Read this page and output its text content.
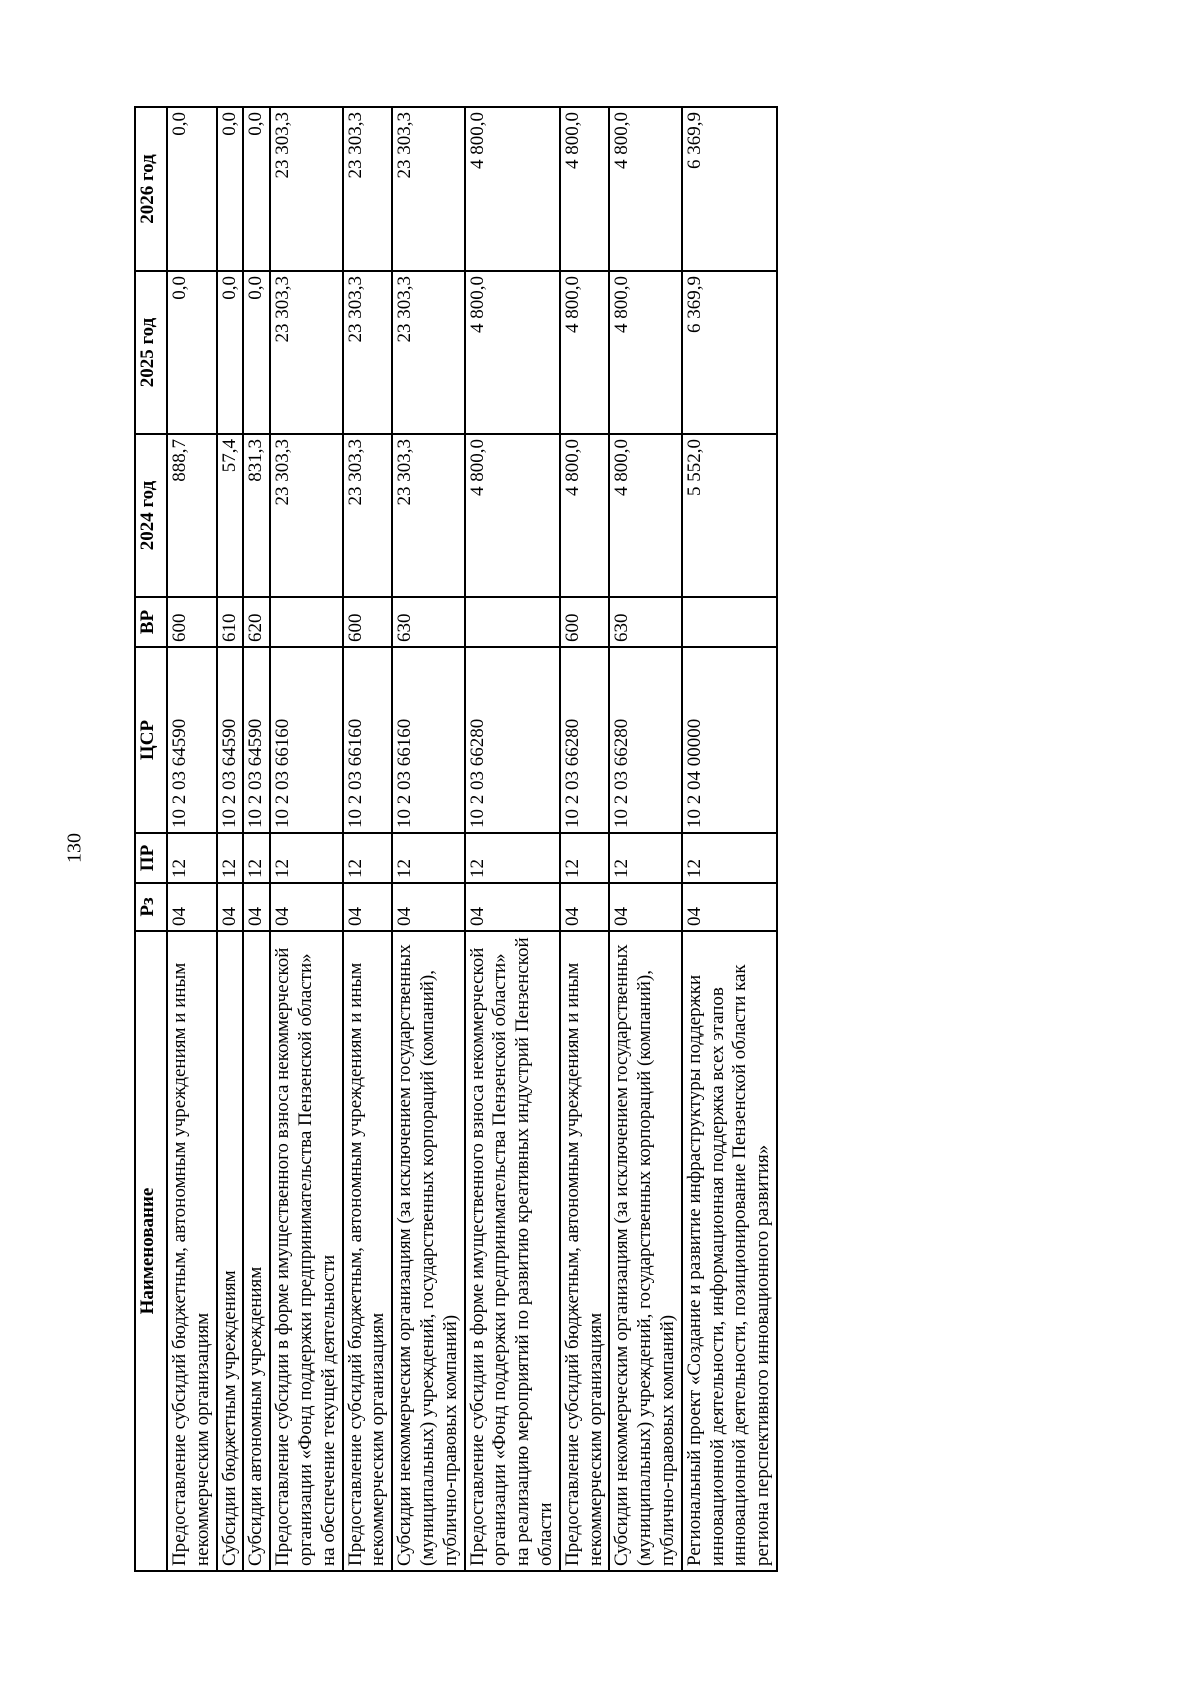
130
Наименование	Рз	ПР	ЦСР	ВР	2024 год	2025 год	2026 год
Предоставление субсидий бюджетным, автономным учреждениям и иным некоммерческим организациям	04	12	10 2 03 64590	600	888,7	0,0	0,0
Субсидии бюджетным учреждениям	04	12	10 2 03 64590	610	57,4	0,0	0,0
Субсидии автономным учреждениям	04	12	10 2 03 64590	620	831,3	0,0	0,0
Предоставление субсидии в форме имущественного взноса некоммерческой организации «Фонд поддержки предпринимательства Пензенской области» на обеспечение текущей деятельности	04	12	10 2 03 66160		23 303,3	23 303,3	23 303,3
Предоставление субсидий бюджетным, автономным учреждениям и иным некоммерческим организациям	04	12	10 2 03 66160	600	23 303,3	23 303,3	23 303,3
Субсидии некоммерческим организациям (за исключением государственных (муниципальных) учреждений, государственных корпораций (компаний), публично-правовых компаний)	04	12	10 2 03 66160	630	23 303,3	23 303,3	23 303,3
Предоставление субсидии в форме имущественного взноса некоммерческой организации «Фонд поддержки предпринимательства Пензенской области» на реализацию мероприятий по развитию креативных индустрий Пензенской области	04	12	10 2 03 66280		4 800,0	4 800,0	4 800,0
Предоставление субсидий бюджетным, автономным учреждениям и иным некоммерческим организациям	04	12	10 2 03 66280	600	4 800,0	4 800,0	4 800,0
Субсидии некоммерческим организациям (за исключением государственных (муниципальных) учреждений, государственных корпораций (компаний), публично-правовых компаний)	04	12	10 2 03 66280	630	4 800,0	4 800,0	4 800,0
Региональный проект «Создание и развитие инфраструктуры поддержки инновационной деятельности, информационная поддержка всех этапов инновационной деятельности, позиционирование Пензенской области как региона перспективного инновационного развития»	04	12	10 2 04 00000		5 552,0	6 369,9	6 369,9
